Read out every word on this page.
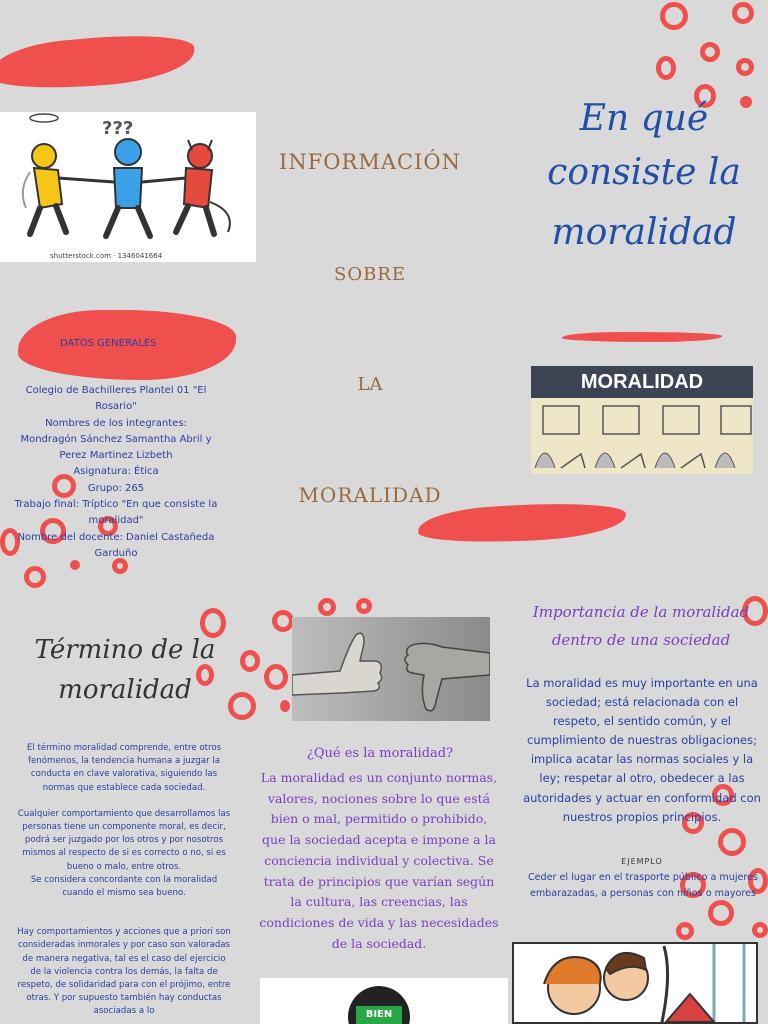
shutterstock.com · 1346041664
???
INFORMACIÓN
SOBRE
LA
MORALIDAD
En qué
consiste la
moralidad
MORALIDAD
DATOS GENERALES
Colegio de Bachilleres Plantel 01 "El Rosario"
Nombres de los integrantes:
Mondragón Sánchez Samantha Abril y Perez Martinez Lizbeth
Asignatura: Ética
Grupo: 265
Trabajo final: Tríptico "En que consiste la moralidad"
Nombre del docente: Daniel Castañeda Garduño
Término de la
moralidad
El término moralidad comprende, entre otros fenómenos, la tendencia humana a juzgar la conducta en clave valorativa, siguiendo las normas que establece cada sociedad.
Cualquier comportamiento que desarrollamos las personas tiene un componente moral, es decir, podrá ser juzgado por los otros y por nosotros mismos al respecto de si es correcto o no, si es bueno o malo, entre otros.
Se considera concordante con la moralidad cuando el mismo sea bueno.
Hay comportamientos y acciones que a priori son consideradas inmorales y por caso son valoradas de manera negativa, tal es el caso del ejercicio de la violencia contra los demás, la falta de respeto, de solidaridad para con el prójimo, entre otras. Y por supuesto también hay conductas asociadas a lo
¿Qué es la moralidad?
La moralidad es un conjunto normas, valores, nociones sobre lo que está bien o mal, permitido o prohibido, que la sociedad acepta e impone a la conciencia individual y colectiva. Se trata de principios que varían según la cultura, las creencias, las condiciones de vida y las necesidades de la sociedad.
BIEN
Importancia de la moralidad
dentro de una sociedad
La moralidad es muy importante en una sociedad; está relacionada con el respeto, el sentido común, y el cumplimiento de nuestras obligaciones; implica acatar las normas sociales y la ley; respetar al otro, obedecer a las autoridades y actuar en conformidad con nuestros propios principios.
EJEMPLO
Ceder el lugar en el trasporte público a mujeres embarazadas, a personas con niños o mayores
